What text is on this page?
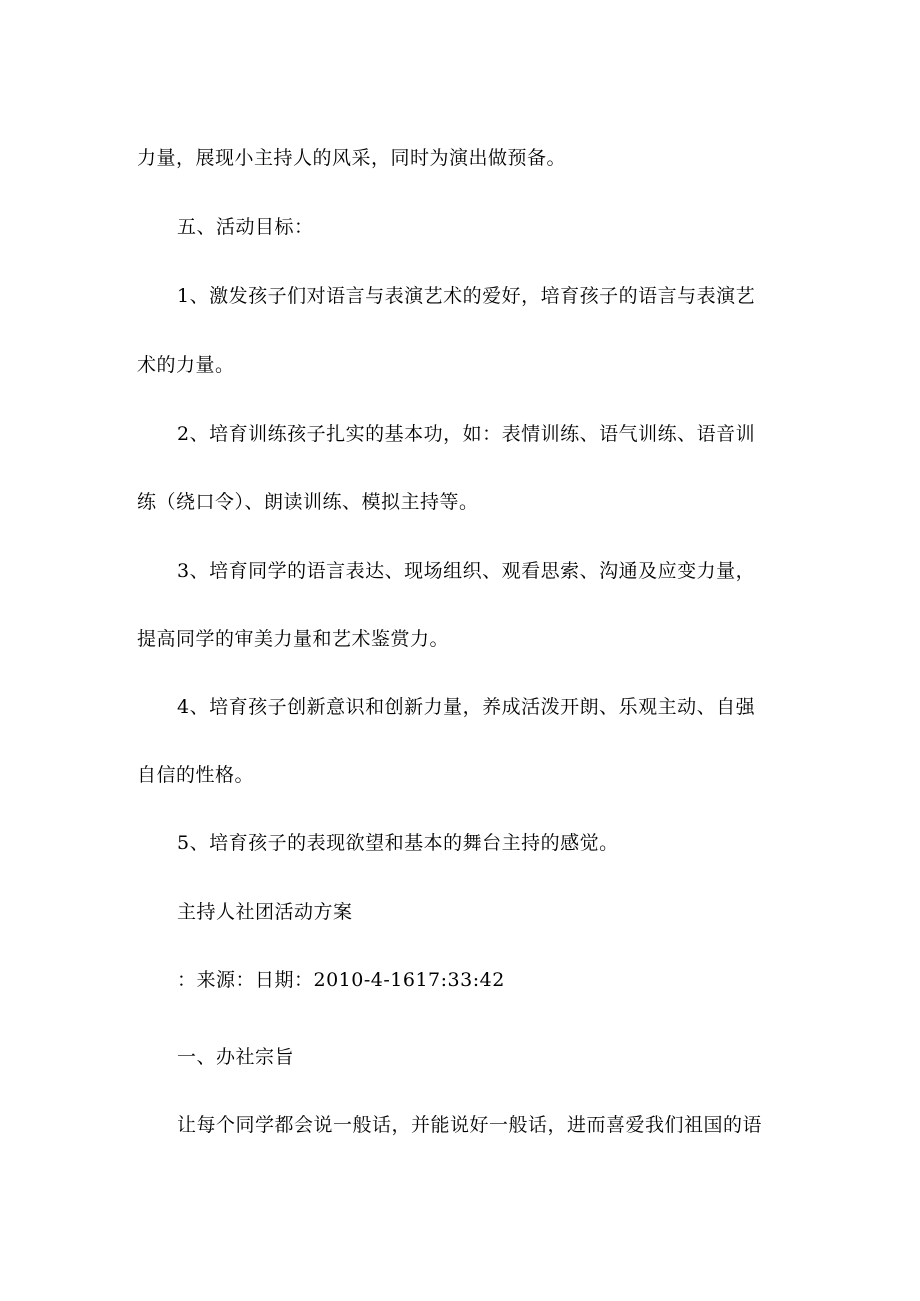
力量，展现小主持人的风采，同时为演出做预备。

五、活动目标：

1、激发孩子们对语言与表演艺术的爱好，培育孩子的语言与表演艺

术的力量。

2、培育训练孩子扎实的基本功，如：表情训练、语气训练、语音训

练（绕口令）、朗读训练、模拟主持等。

3、培育同学的语言表达、现场组织、观看思索、沟通及应变力量，

提高同学的审美力量和艺术鉴赏力。

4、培育孩子创新意识和创新力量，养成活泼开朗、乐观主动、自强

自信的性格。

5、培育孩子的表现欲望和基本的舞台主持的感觉。

主持人社团活动方案

：来源：日期：2010-4-1617:33:42

一、办社宗旨

让每个同学都会说一般话，并能说好一般话，进而喜爱我们祖国的语
